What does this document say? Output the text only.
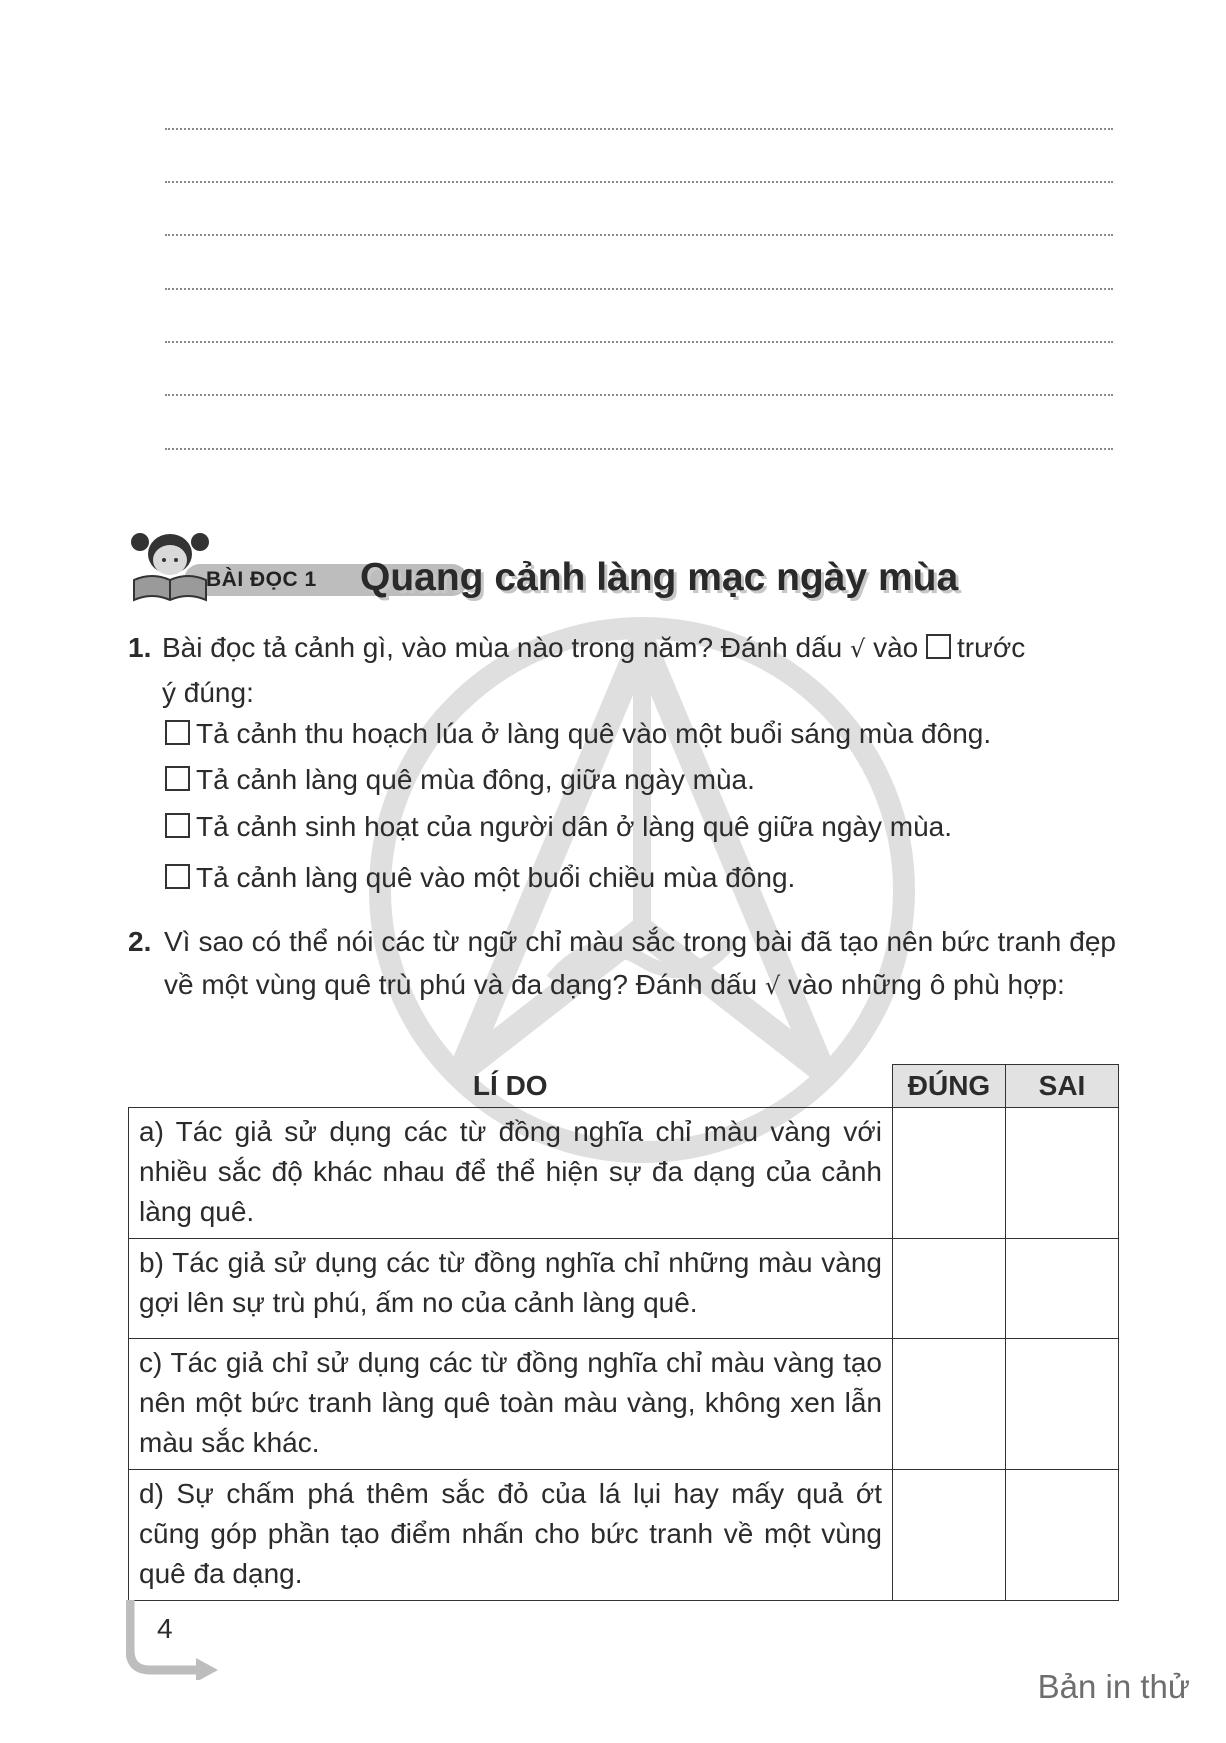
BÀI ĐỌC 1 Quang cảnh làng mạc ngày mùa
1. Bài đọc tả cảnh gì, vào mùa nào trong năm? Đánh dấu √ vào trước
ý đúng:
Tả cảnh thu hoạch lúa ở làng quê vào một buổi sáng mùa đông.
Tả cảnh làng quê mùa đông, giữa ngày mùa.
Tả cảnh sinh hoạt của người dân ở làng quê giữa ngày mùa.
Tả cảnh làng quê vào một buổi chiều mùa đông.
2. Vì sao có thể nói các từ ngữ chỉ màu sắc trong bài đã tạo nên bức tranh đẹp về một vùng quê trù phú và đa dạng? Đánh dấu √ vào những ô phù hợp:
LÍ DO	ĐÚNG	SAI
a) Tác giả sử dụng các từ đồng nghĩa chỉ màu vàng với nhiều sắc độ khác nhau để thể hiện sự đa dạng của cảnh làng quê.		
b) Tác giả sử dụng các từ đồng nghĩa chỉ những màu vàng gợi lên sự trù phú, ấm no của cảnh làng quê.		
c) Tác giả chỉ sử dụng các từ đồng nghĩa chỉ màu vàng tạo nên một bức tranh làng quê toàn màu vàng, không xen lẫn màu sắc khác.		
d) Sự chấm phá thêm sắc đỏ của lá lụi hay mấy quả ớt cũng góp phần tạo điểm nhấn cho bức tranh về một vùng quê đa dạng.		
4
Bản in thử
